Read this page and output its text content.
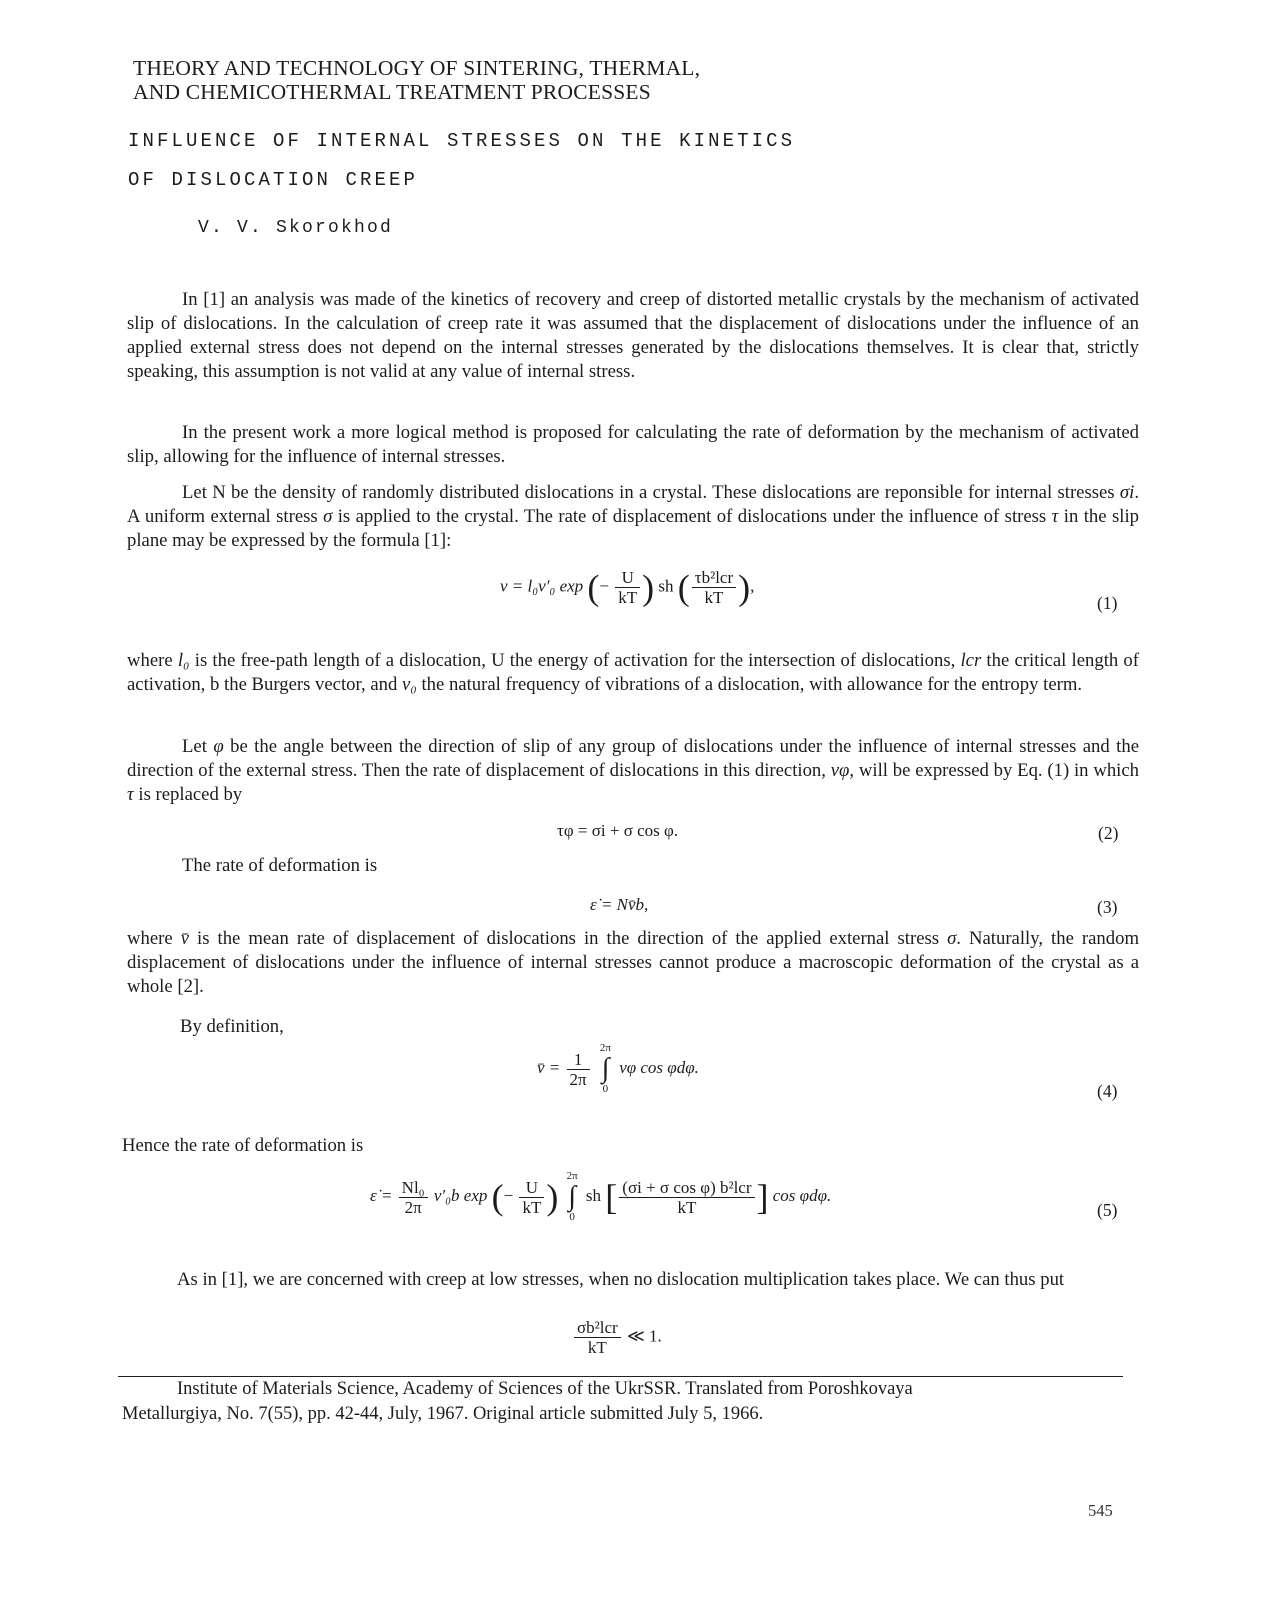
THEORY AND TECHNOLOGY OF SINTERING, THERMAL,
AND CHEMICOTHERMAL TREATMENT PROCESSES
INFLUENCE OF INTERNAL STRESSES ON THE KINETICS
OF DISLOCATION CREEP
V. V. Skorokhod
In [1] an analysis was made of the kinetics of recovery and creep of distorted metallic crystals by the mechanism of activated slip of dislocations. In the calculation of creep rate it was assumed that the displacement of dislocations under the influence of an applied external stress does not depend on the internal stresses generated by the dislocations themselves. It is clear that, strictly speaking, this assumption is not valid at any value of internal stress.
In the present work a more logical method is proposed for calculating the rate of deformation by the mechanism of activated slip, allowing for the influence of internal stresses.
Let N be the density of randomly distributed dislocations in a crystal. These dislocations are reponsible for internal stresses σi. A uniform external stress σ is applied to the crystal. The rate of displacement of dislocations under the influence of stress τ in the slip plane may be expressed by the formula [1]:
v = l₀ν′₀ exp (− $\frac{U}{kT}$ ) sh ( $\frac{\text{τb²lcr}}{kT}$ ),
(1)
where l₀ is the free-path length of a dislocation, U the energy of activation for the intersection of dislocations, lcr the critical length of activation, b the Burgers vector, and ν₀ the natural frequency of vibrations of a dislocation, with allowance for the entropy term.
Let φ be the angle between the direction of slip of any group of dislocations under the influence of internal stresses and the direction of the external stress. Then the rate of displacement of dislocations in this direction, vφ, will be expressed by Eq. (1) in which τ is replaced by
τφ = σi + σ cos φ.	(2)
The rate of deformation is
ε̇ = Nv̄b,	(3)
where v̄ is the mean rate of displacement of dislocations in the direction of the applied external stress σ. Naturally, the random displacement of dislocations under the influence of internal stresses cannot produce a macroscopic deformation of the crystal as a whole [2].
By definition,
v̄ = $\frac{1}{2\pi}$
2π
∫
0 vφ cos φdφ.
(4)
Hence the rate of deformation is
ε̇ = $\frac{\text{Nl₀}}{2\pi} \nu'_0b$ exp (− $\frac{U}{kT}$ ) 2π
∫
0 sh [ $\frac{\text{(σi + σ cos φ) b²lcr}}{kT}$ ] cos φdφ.
(5)
As in [1], we are concerned with creep at low stresses, when no dislocation multiplication takes place. We can thus put
$\frac{\text{σb²lcr}}{kT}$ ≪ 1.
Institute of Materials Science, Academy of Sciences of the UkrSSR. Translated from Poroshkovaya
Metallurgiya, No. 7(55), pp. 42-44, July, 1967. Original article submitted July 5, 1966.
545
